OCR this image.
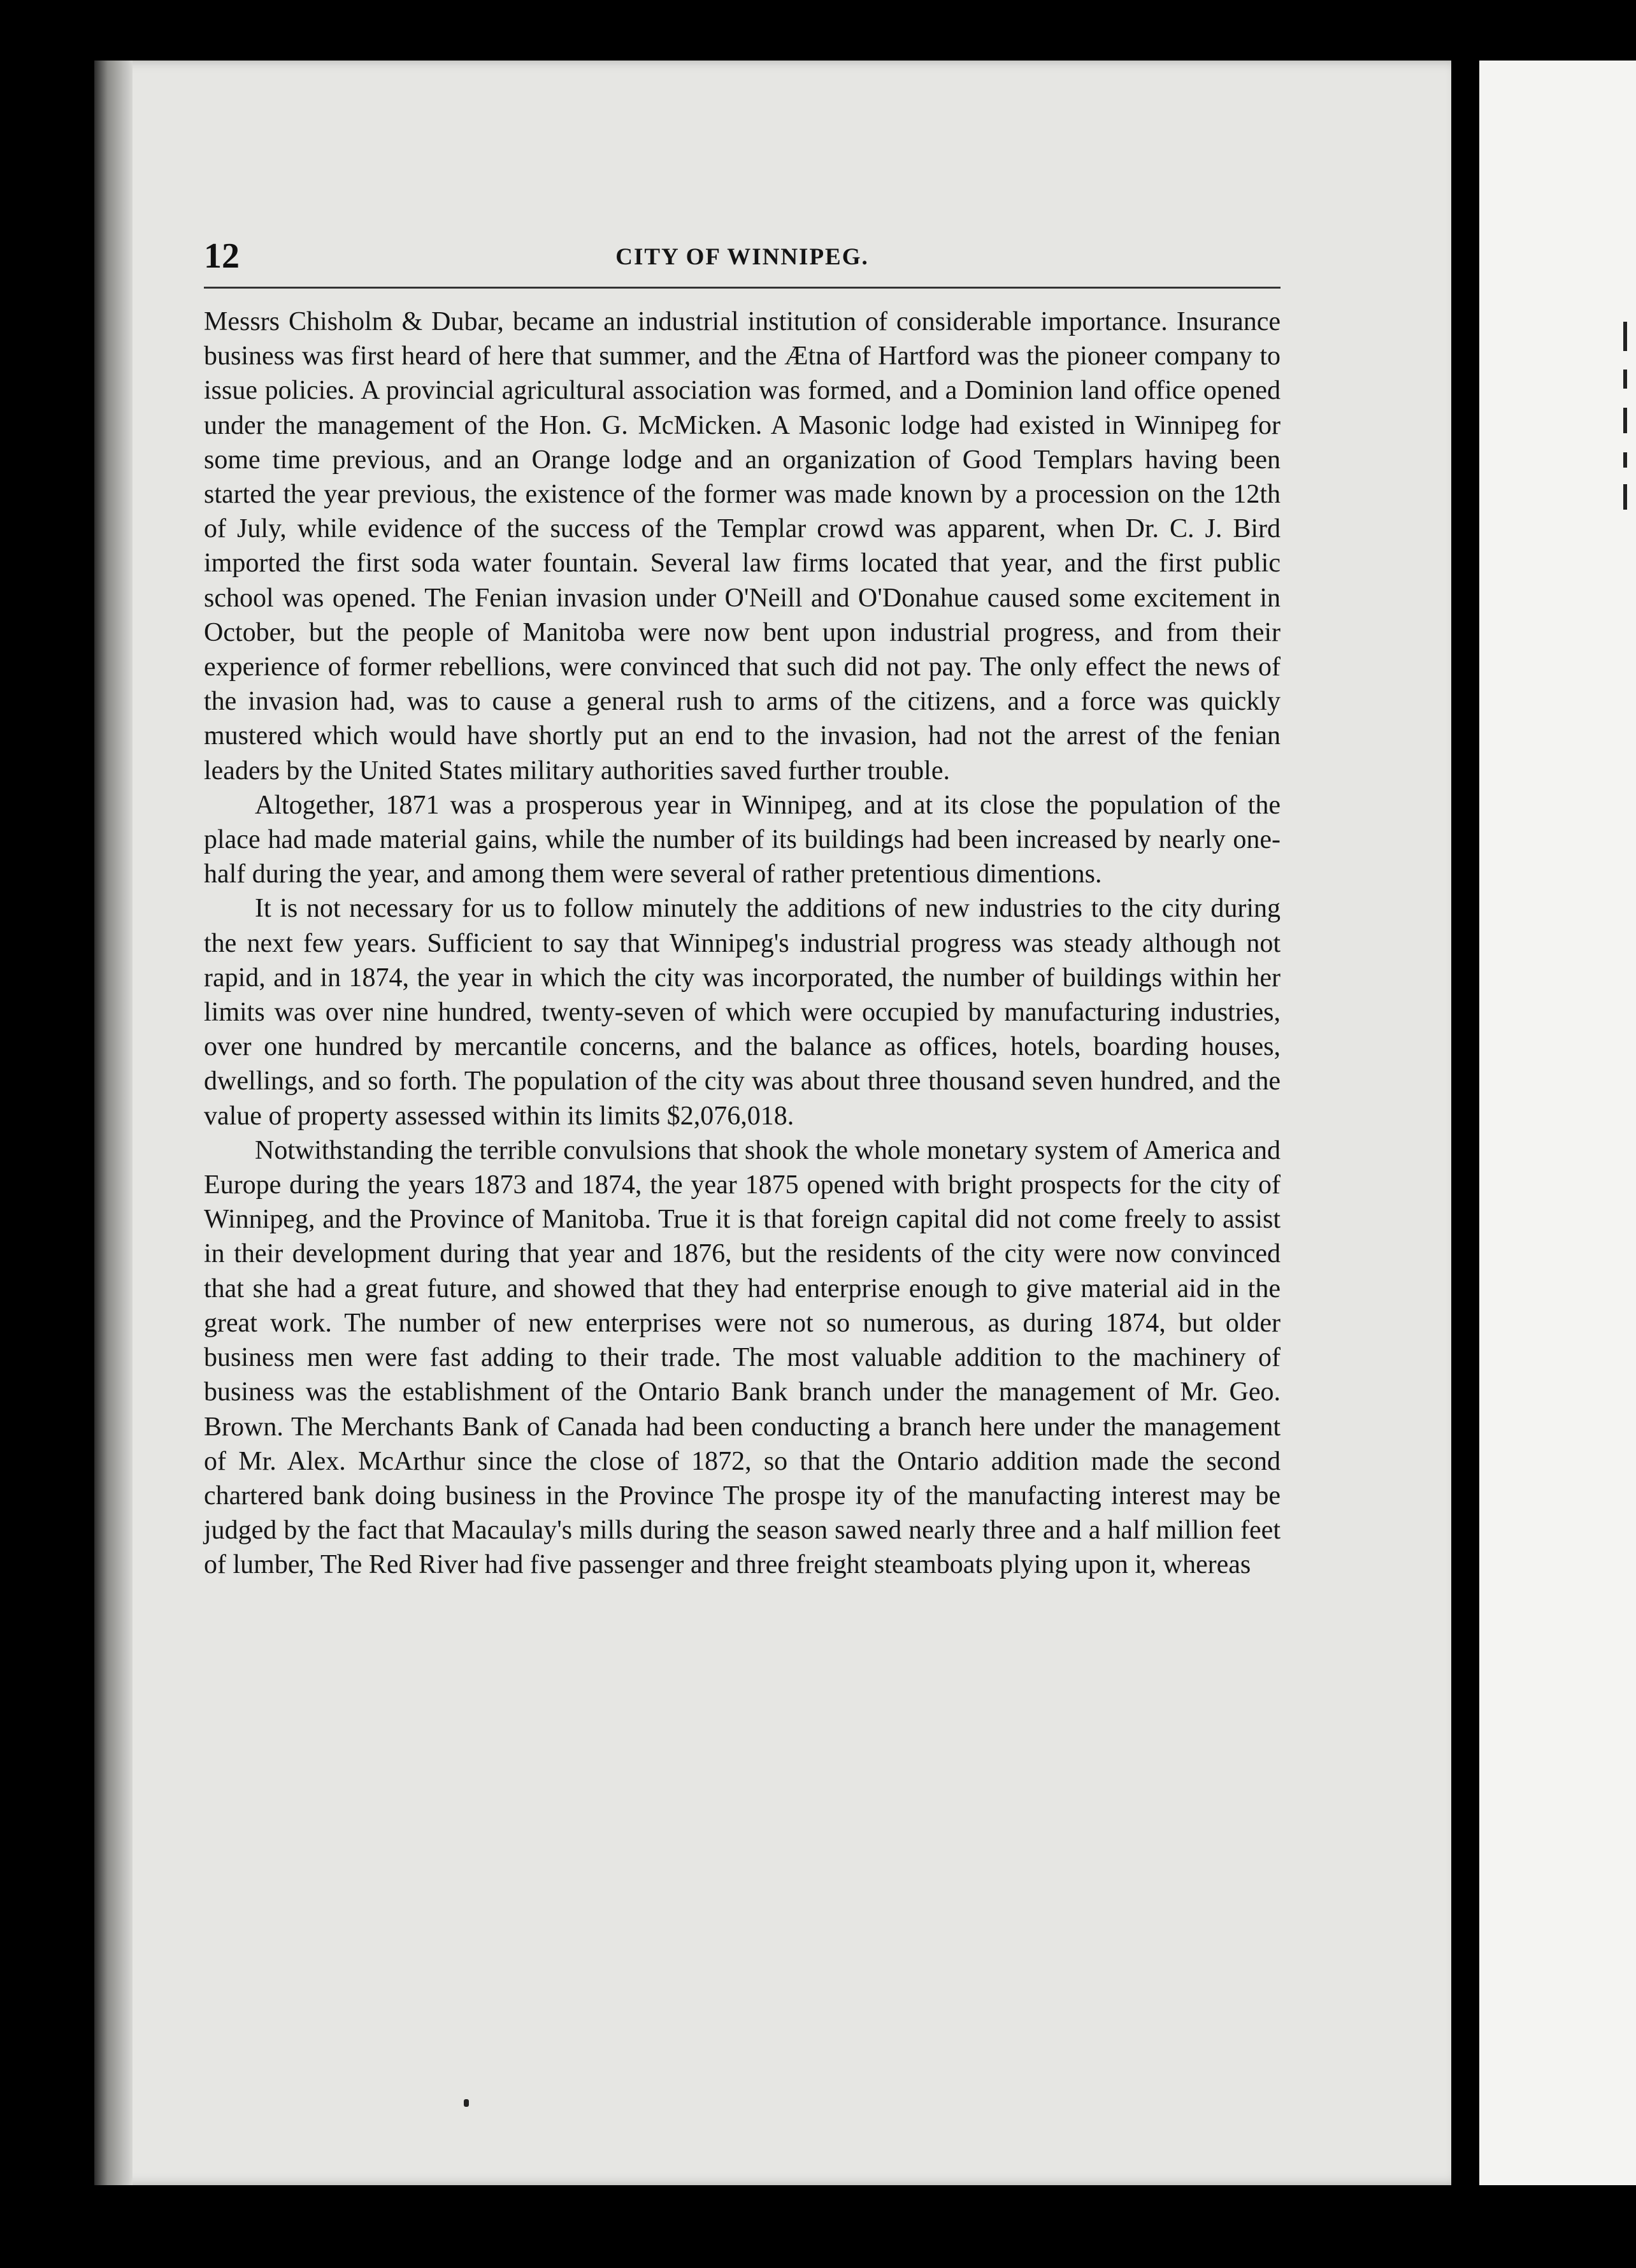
12	CITY OF WINNIPEG.

Messrs Chisholm & Dubar, became an industrial institution of considerable importance. Insurance business was first heard of here that summer, and the Ætna of Hartford was the pioneer company to issue policies. A provincial agricultural association was formed, and a Dominion land office opened under the management of the Hon. G. McMicken. A Masonic lodge had existed in Winnipeg for some time previous, and an Orange lodge and an organization of Good Templars having been started the year previous, the existence of the former was made known by a procession on the 12th of July, while evidence of the success of the Templar crowd was apparent, when Dr. C. J. Bird imported the first soda water fountain. Several law firms located that year, and the first public school was opened. The Fenian invasion under O'Neill and O'Donahue caused some excitement in October, but the people of Manitoba were now bent upon industrial progress, and from their experience of former rebellions, were convinced that such did not pay. The only effect the news of the invasion had, was to cause a general rush to arms of the citizens, and a force was quickly mustered which would have shortly put an end to the invasion, had not the arrest of the fenian leaders by the United States military authorities saved further trouble.

Altogether, 1871 was a prosperous year in Winnipeg, and at its close the population of the place had made material gains, while the number of its buildings had been increased by nearly one-half during the year, and among them were several of rather pretentious dimentions.

It is not necessary for us to follow minutely the additions of new industries to the city during the next few years. Sufficient to say that Winnipeg's industrial progress was steady although not rapid, and in 1874, the year in which the city was incorporated, the number of buildings within her limits was over nine hundred, twenty-seven of which were occupied by manufacturing industries, over one hundred by mercantile concerns, and the balance as offices, hotels, boarding houses, dwellings, and so forth. The population of the city was about three thousand seven hundred, and the value of property assessed within its limits $2,076,018.

Notwithstanding the terrible convulsions that shook the whole monetary system of America and Europe during the years 1873 and 1874, the year 1875 opened with bright prospects for the city of Winnipeg, and the Province of Manitoba. True it is that foreign capital did not come freely to assist in their development during that year and 1876, but the residents of the city were now convinced that she had a great future, and showed that they had enterprise enough to give material aid in the great work. The number of new enterprises were not so numerous, as during 1874, but older business men were fast adding to their trade. The most valuable addition to the machinery of business was the establishment of the Ontario Bank branch under the management of Mr. Geo. Brown. The Merchants Bank of Canada had been conducting a branch here under the management of Mr. Alex. McArthur since the close of 1872, so that the Ontario addition made the second chartered bank doing business in the Province The prospe ity of the manufacting interest may be judged by the fact that Macaulay's mills during the season sawed nearly three and a half million feet of lumber, The Red River had five passenger and three freight steamboats plying upon it, whereas
